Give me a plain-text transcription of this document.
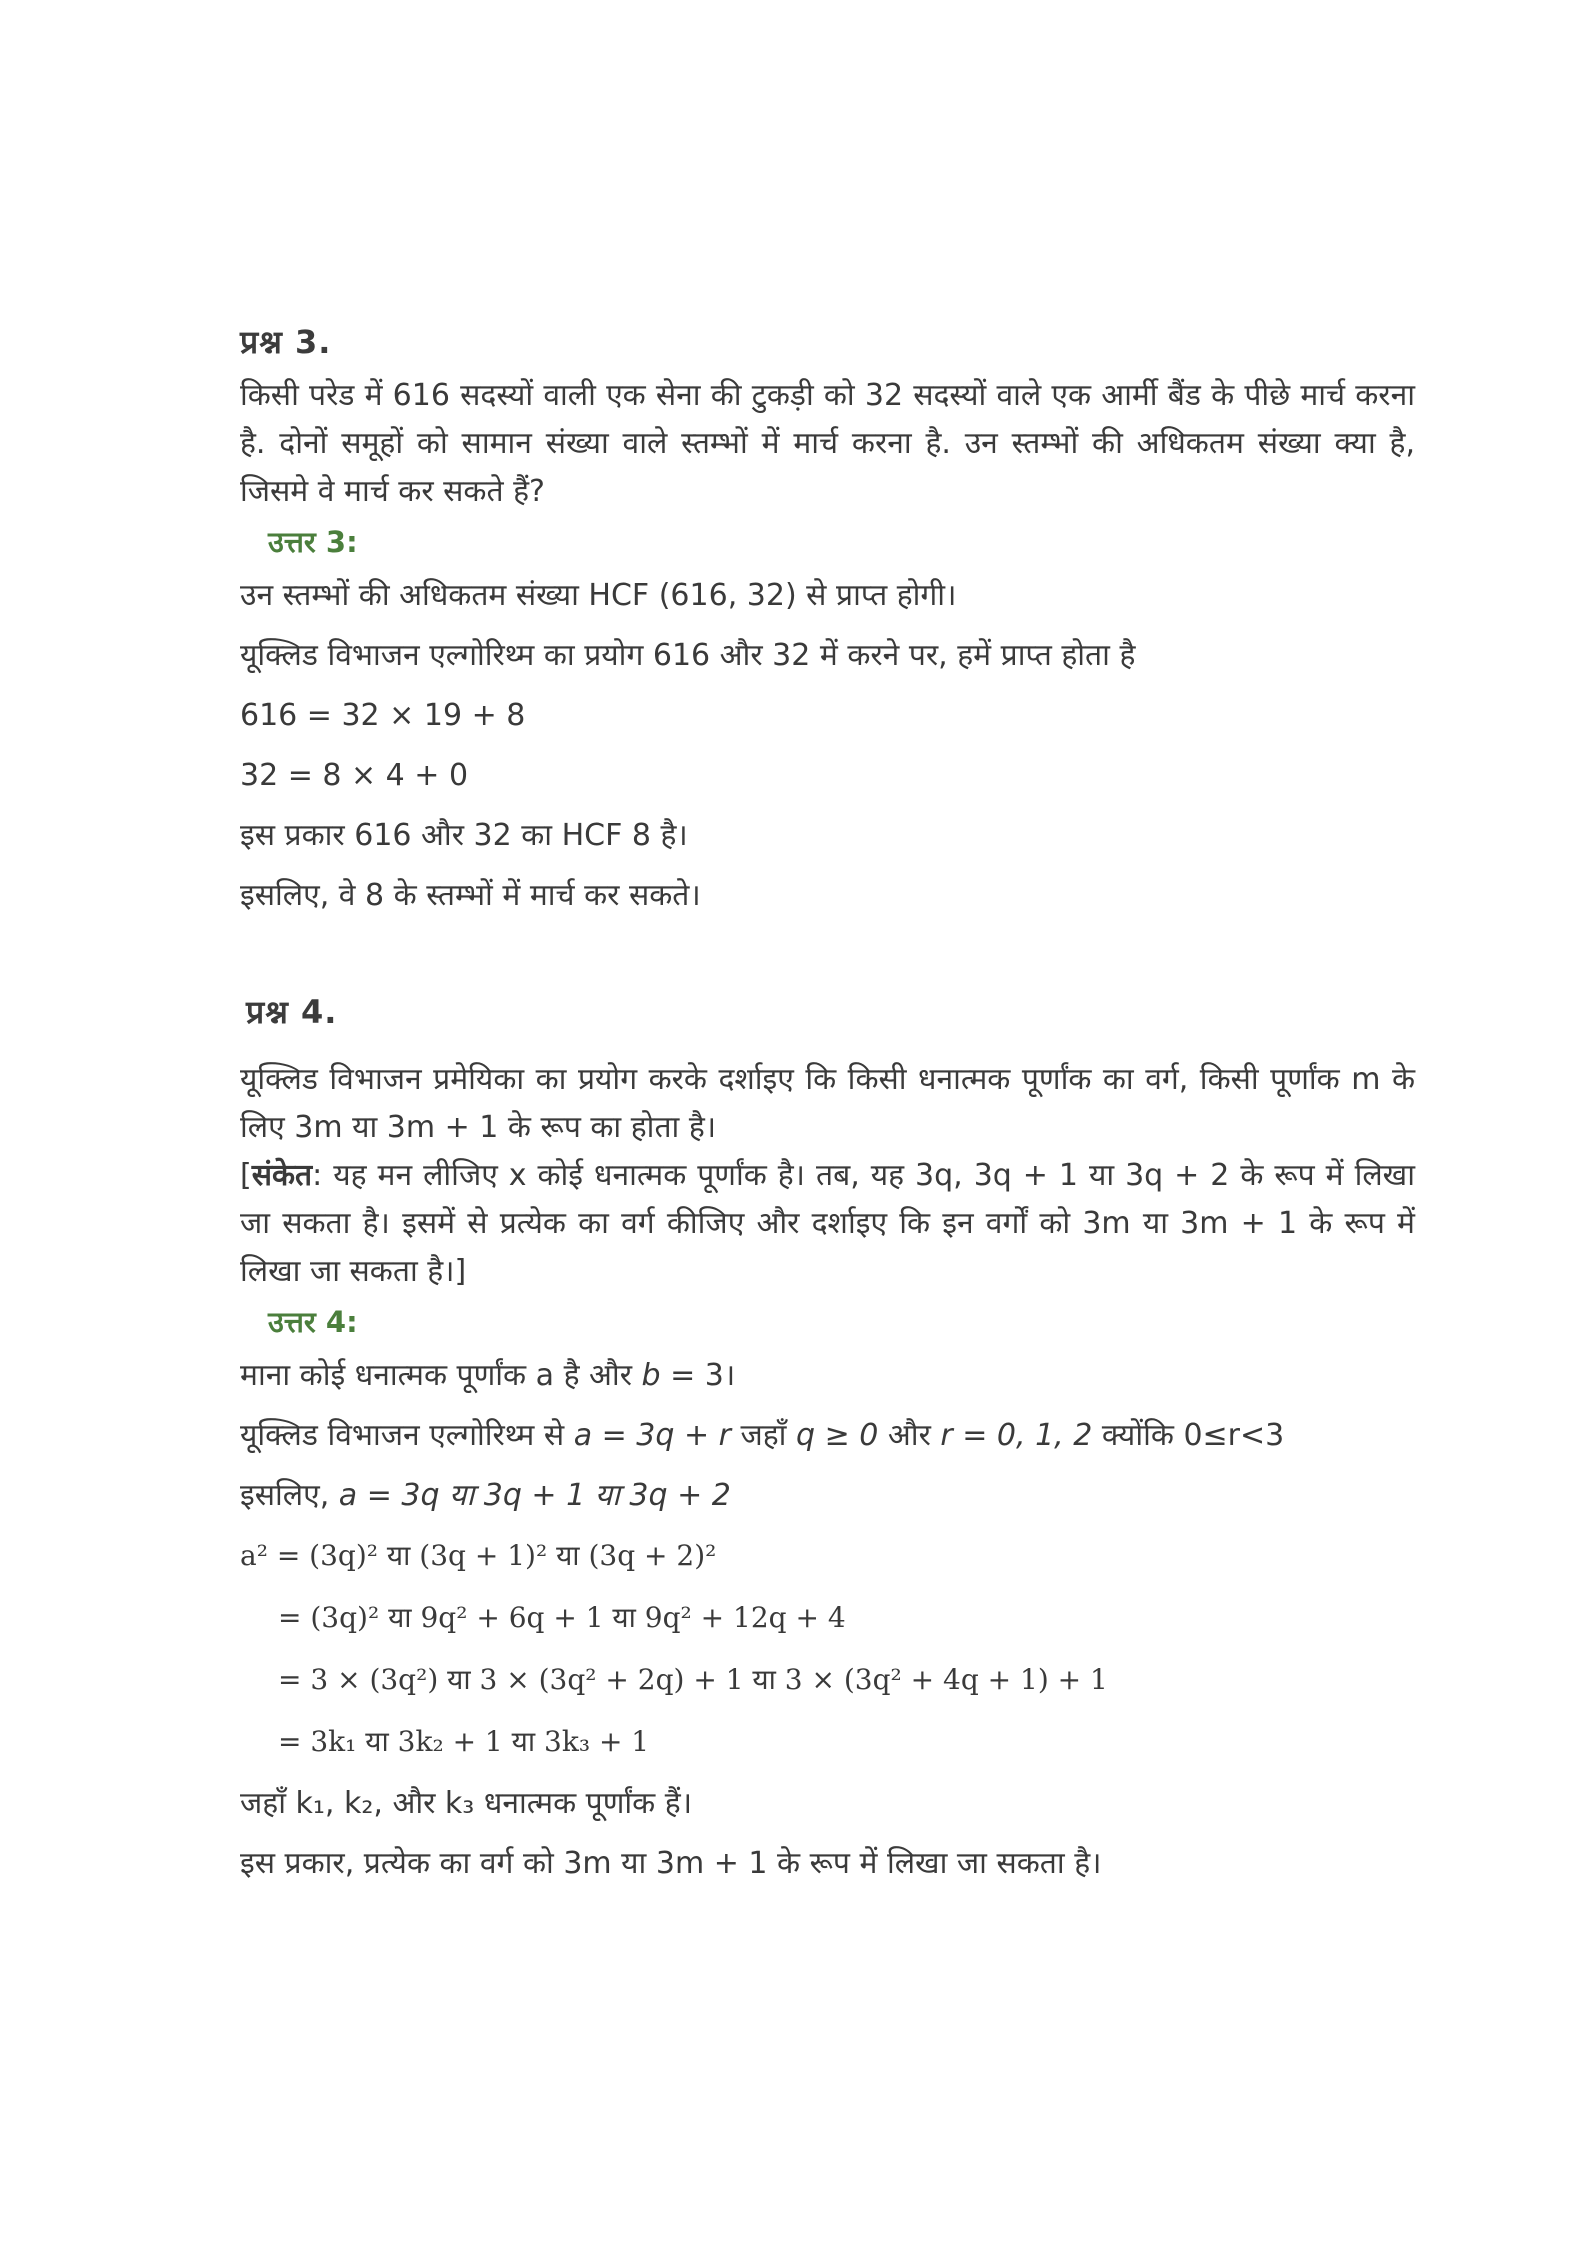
प्रश्न 3.

किसी परेड में 616 सदस्यों वाली एक सेना की टुकड़ी को 32 सदस्यों वाले एक आर्मी बैंड के पीछे मार्च करना है. दोनों समूहों को सामान संख्या वाले स्तम्भों में मार्च करना है. उन स्तम्भों की अधिकतम संख्या क्या है, जिसमे वे मार्च कर सकते हैं?

उत्तर 3:
उन स्तम्भों की अधिकतम संख्या HCF (616, 32) से प्राप्त होगी।
यूक्लिड विभाजन एल्गोरिथ्म का प्रयोग 616 और 32 में करने पर, हमें प्राप्त होता है
616 = 32 × 19 + 8
32 = 8 × 4 + 0
इस प्रकार 616 और 32 का HCF 8 है।
इसलिए, वे 8 के स्तम्भों में मार्च कर सकते।
प्रश्न 4.

यूक्लिड विभाजन प्रमेयिका का प्रयोग करके दर्शाइए कि किसी धनात्मक पूर्णांक का वर्ग, किसी पूर्णांक m के लिए 3m या 3m + 1 के रूप का होता है।
[संकेत: यह मन लीजिए x कोई धनात्मक पूर्णांक है। तब, यह 3q, 3q + 1 या 3q + 2 के रूप में लिखा जा सकता है। इसमें से प्रत्येक का वर्ग कीजिए और दर्शाइए कि इन वर्गों को 3m या 3m + 1 के रूप में लिखा जा सकता है।]

उत्तर 4:
माना कोई धनात्मक पूर्णांक a है और b = 3।
यूक्लिड विभाजन एल्गोरिथ्म से a = 3q + r जहाँ q ≥ 0 और r = 0, 1, 2 क्योंकि 0≤r<3
इसलिए, a = 3q या 3q + 1 या 3q + 2
a² = (3q)² या (3q + 1)² या (3q + 2)²
= (3q)² या 9q² + 6q + 1 या 9q² + 12q + 4
= 3 × (3q²) या 3 × (3q² + 2q) + 1 या 3 × (3q² + 4q + 1) + 1
= 3k₁ या 3k₂ + 1 या 3k₃ + 1
जहाँ k₁, k₂, और k₃ धनात्मक पूर्णांक हैं।
इस प्रकार, प्रत्येक का वर्ग को 3m या 3m + 1 के रूप में लिखा जा सकता है।
